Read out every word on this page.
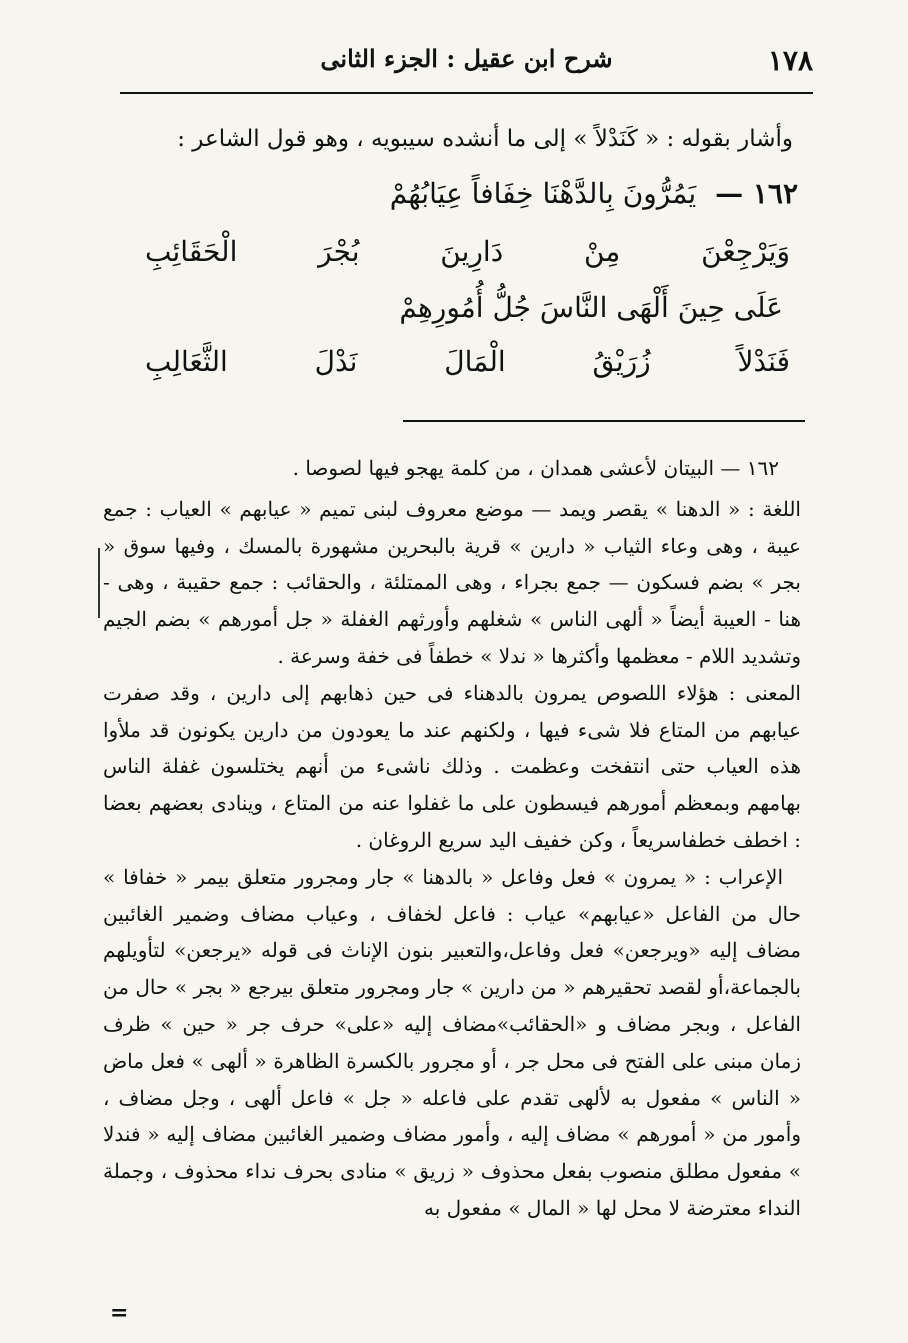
١٧٨
شرح ابن عقيل : الجزء الثانى
وأشار بقوله : « كَنَدْلاً » إلى ما أنشده سيبويه ، وهو قول الشاعر :
١٦٢ — يَمُرُّونَ بِالدَّهْنَا خِفَافاً عِيَابُهُمْ
وَيَرْجِعْنَ مِنْ دَارِينَ بُجْرَ الْحَقَائِبِ
عَلَى حِينَ أَلْهَى النَّاسَ جُلُّ أُمُورِهِمْ
فَنَدْلاً زُرَيْقُ الْمَالَ نَدْلَ الثَّعَالِبِ

١٦٢ — البيتان لأعشى همدان ، من كلمة يهجو فيها لصوصا .

اللغة : « الدهنا » يقصر ويمد — موضع معروف لبنى تميم « عيابهم » العياب : جمع عيبة ، وهى وعاء الثياب « دارين » قرية بالبحرين مشهورة بالمسك ، وفيها سوق « بجر » بضم فسكون — جمع بجراء ، وهى الممتلئة ، والحقائب : جمع حقيبة ، وهى - هنا - العيبة أيضاً « ألهى الناس » شغلهم وأورثهم الغفلة « جل أمورهم » بضم الجيم وتشديد اللام - معظمها وأكثرها « ندلا » خطفاً فى خفة وسرعة .

المعنى : هؤلاء اللصوص يمرون بالدهناء فى حين ذهابهم إلى دارين ، وقد صفرت عيابهم من المتاع فلا شىء فيها ، ولكنهم عند ما يعودون من دارين يكونون قد ملأوا هذه العياب حتى انتفخت وعظمت . وذلك ناشىء من أنهم يختلسون غفلة الناس بهامهم وبمعظم أمورهم فيسطون على ما غفلوا عنه من المتاع ، وينادى بعضهم بعضا : اخطف خطفاسريعاً ، وكن خفيف اليد سريع الروغان .

الإعراب : « يمرون » فعل وفاعل « بالدهنا » جار ومجرور متعلق بيمر « خفافا » حال من الفاعل «عيابهم» عياب : فاعل لخفاف ، وعياب مضاف وضمير الغائبين مضاف إليه «ويرجعن» فعل وفاعل،والتعبير بنون الإناث فى قوله «يرجعن» لتأويلهم بالجماعة،أو لقصد تحقيرهم « من دارين » جار ومجرور متعلق بيرجع « بجر » حال من الفاعل ، وبجر مضاف و «الحقائب»مضاف إليه «على» حرف جر « حين » ظرف زمان مبنى على الفتح فى محل جر ، أو مجرور بالكسرة الظاهرة « ألهى » فعل ماض « الناس » مفعول به لألهى تقدم على فاعله « جل » فاعل ألهى ، وجل مضاف ، وأمور من « أمورهم » مضاف إليه ، وأمور مضاف وضمير الغائبين مضاف إليه « فندلا » مفعول مطلق منصوب بفعل محذوف « زريق » منادى بحرف نداء محذوف ، وجملة النداء معترضة لا محل لها « المال » مفعول به

=
